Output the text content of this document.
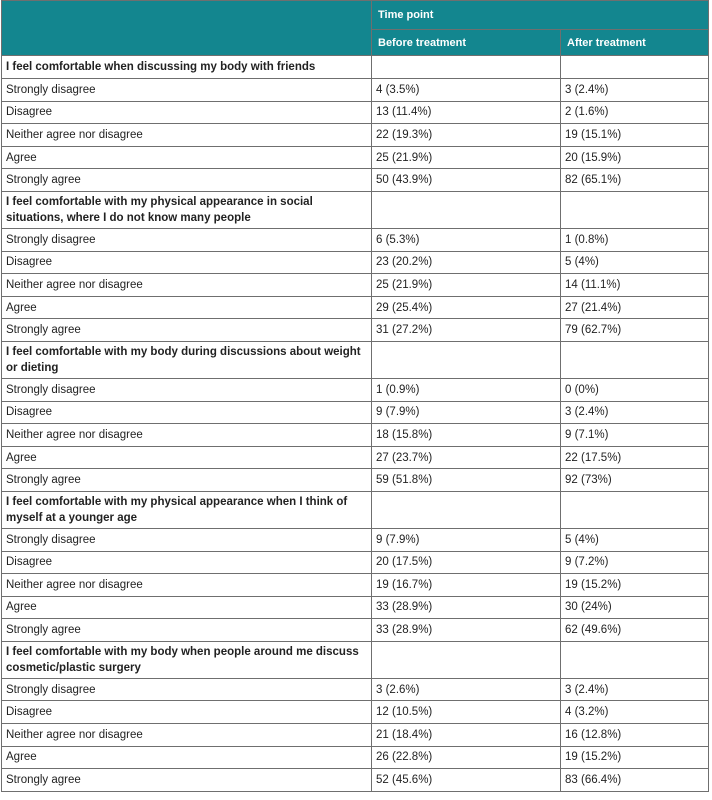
	Time point	
	Before treatment	After treatment
I feel comfortable when discussing my body with friends		
Strongly disagree	4 (3.5%)	3 (2.4%)
Disagree	13 (11.4%)	2 (1.6%)
Neither agree nor disagree	22 (19.3%)	19 (15.1%)
Agree	25 (21.9%)	20 (15.9%)
Strongly agree	50 (43.9%)	82 (65.1%)
I feel comfortable with my physical appearance in social situations, where I do not know many people		
Strongly disagree	6 (5.3%)	1 (0.8%)
Disagree	23 (20.2%)	5 (4%)
Neither agree nor disagree	25 (21.9%)	14 (11.1%)
Agree	29 (25.4%)	27 (21.4%)
Strongly agree	31 (27.2%)	79 (62.7%)
I feel comfortable with my body during discussions about weight or dieting		
Strongly disagree	1 (0.9%)	0 (0%)
Disagree	9 (7.9%)	3 (2.4%)
Neither agree nor disagree	18 (15.8%)	9 (7.1%)
Agree	27 (23.7%)	22 (17.5%)
Strongly agree	59 (51.8%)	92 (73%)
I feel comfortable with my physical appearance when I think of myself at a younger age		
Strongly disagree	9 (7.9%)	5 (4%)
Disagree	20 (17.5%)	9 (7.2%)
Neither agree nor disagree	19 (16.7%)	19 (15.2%)
Agree	33 (28.9%)	30 (24%)
Strongly agree	33 (28.9%)	62 (49.6%)
I feel comfortable with my body when people around me discuss cosmetic/plastic surgery		
Strongly disagree	3 (2.6%)	3 (2.4%)
Disagree	12 (10.5%)	4 (3.2%)
Neither agree nor disagree	21 (18.4%)	16 (12.8%)
Agree	26 (22.8%)	19 (15.2%)
Strongly agree	52 (45.6%)	83 (66.4%)
